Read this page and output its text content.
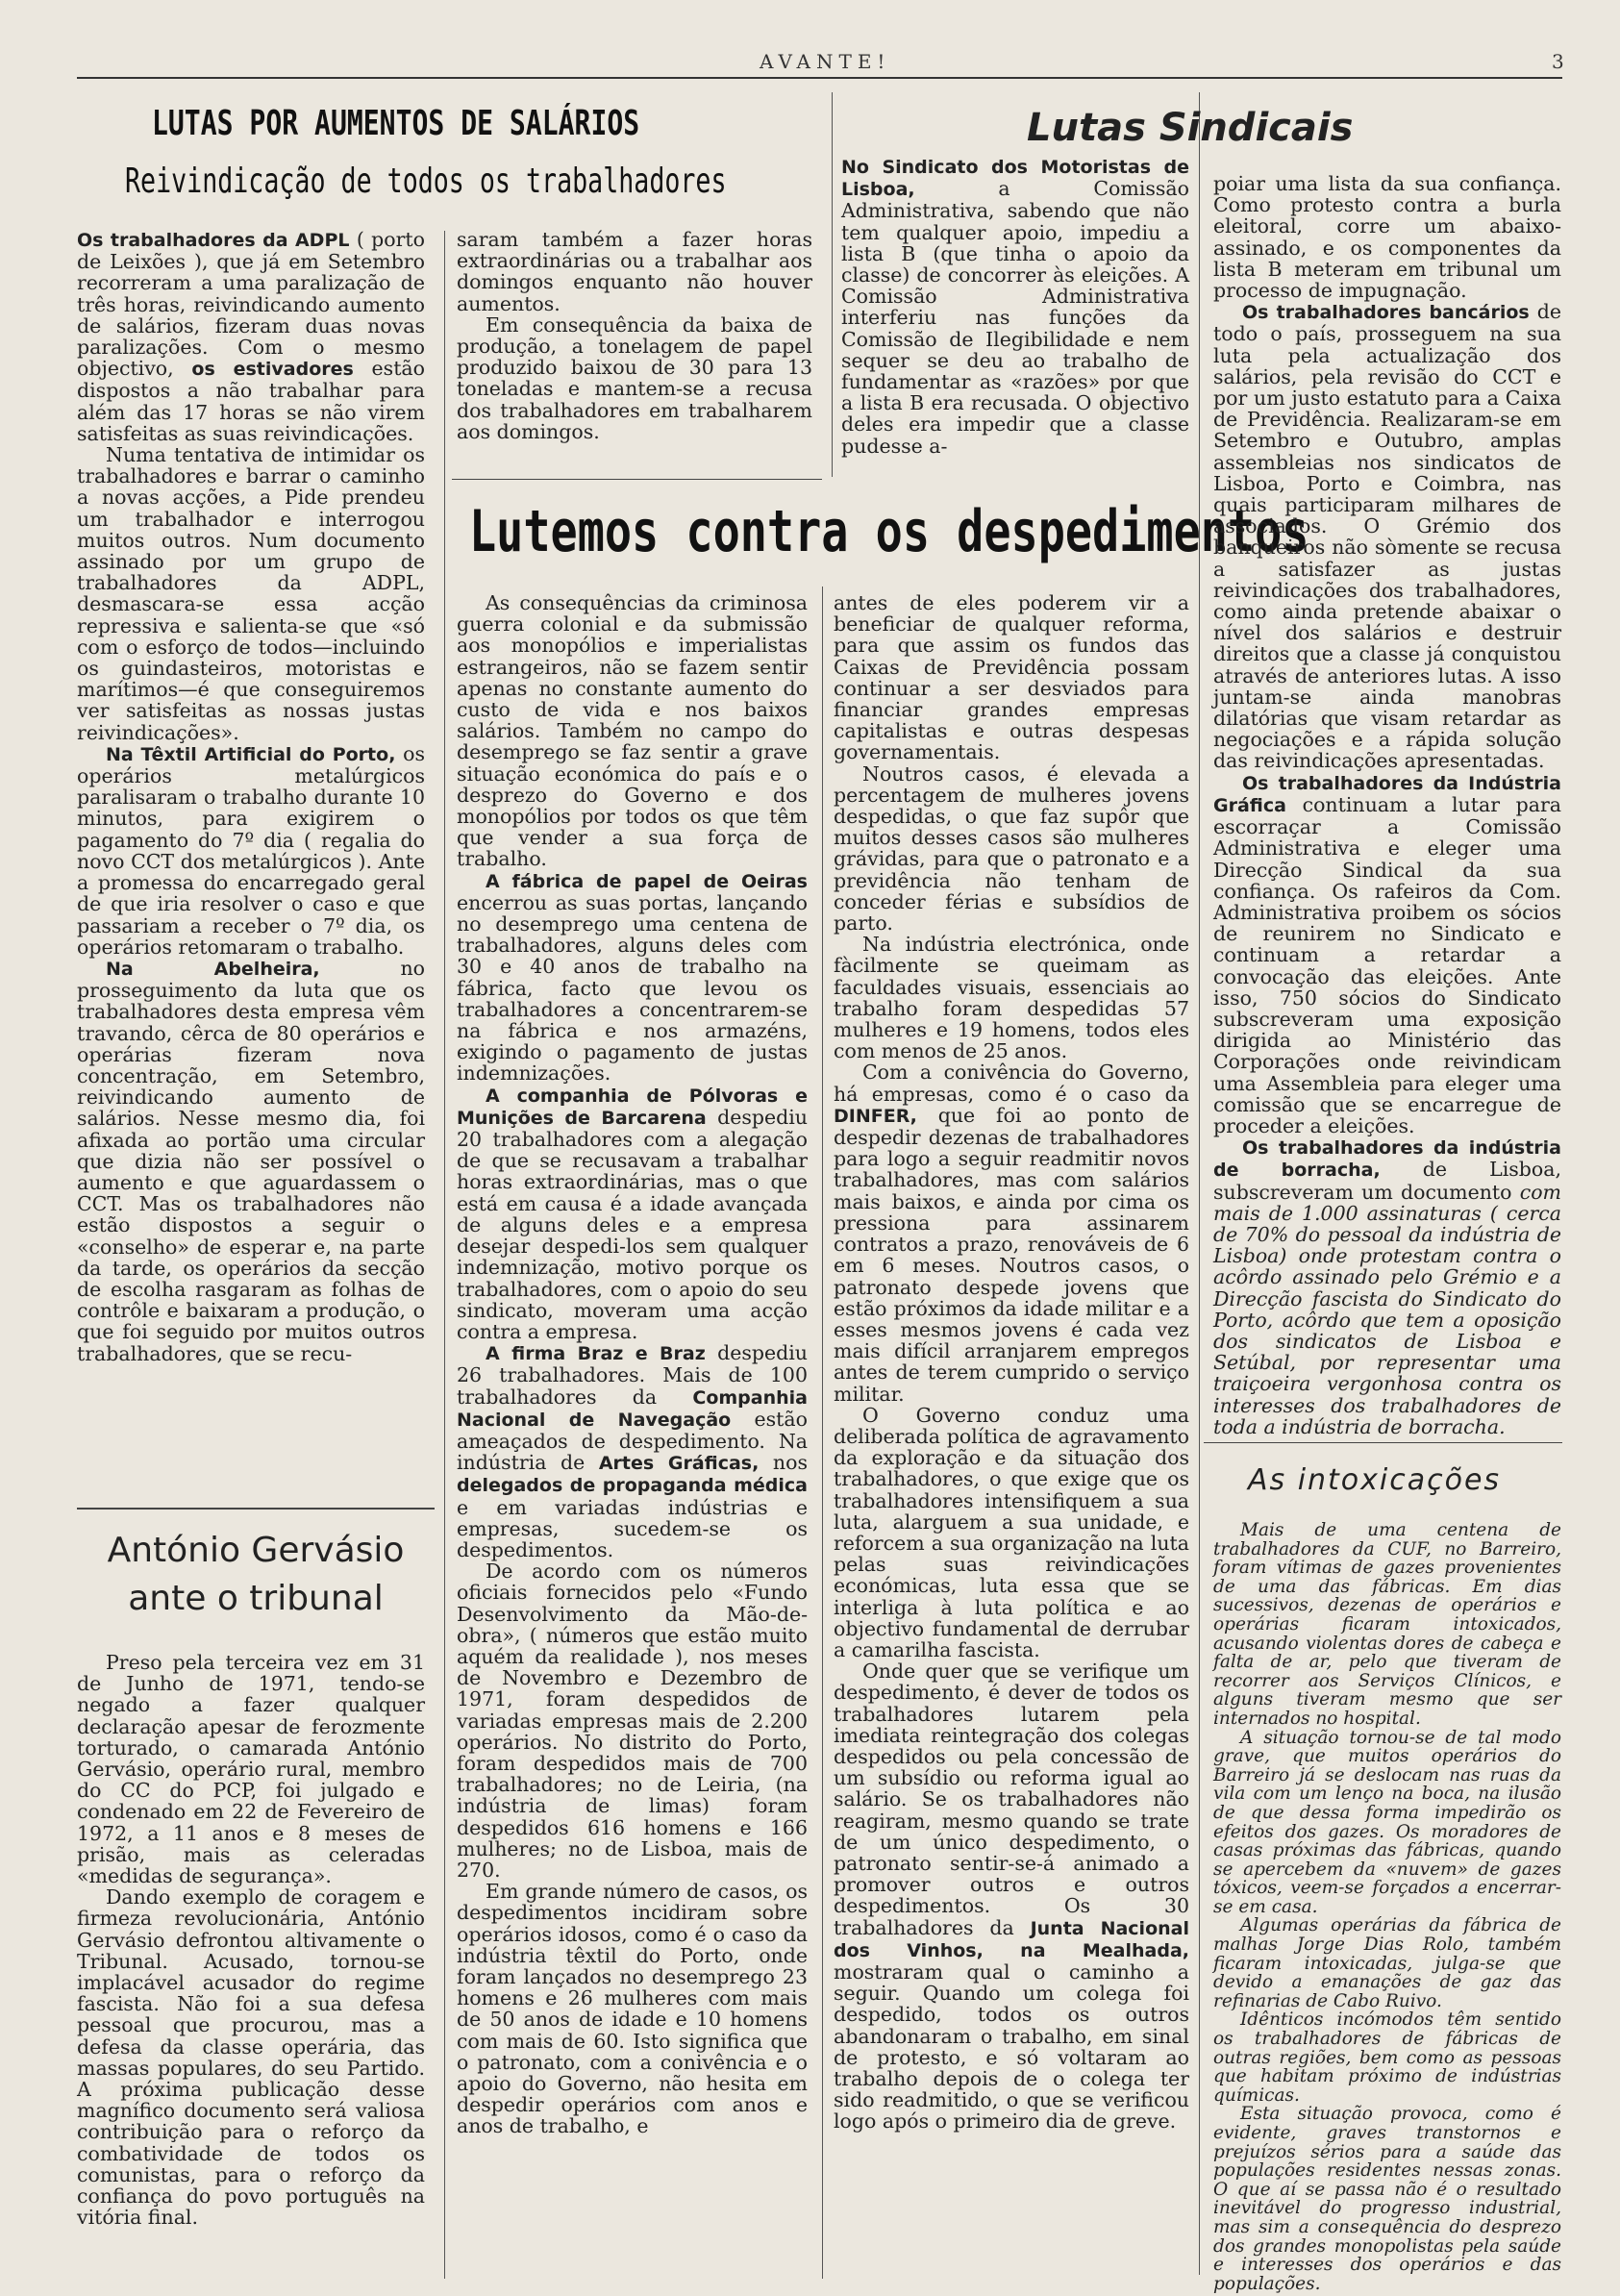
AVANTE!	3
LUTAS POR AUMENTOS DE SALÁRIOS
Reivindicação de todos os trabalhadores

Os trabalhadores da ADPL ( porto de Leixões ), que já em Setembro recorreram a uma paralização de três horas, reivindicando aumento de salários, fizeram duas novas paralizações. Com o mesmo objectivo, os estivadores estão dispostos a não trabalhar para além das 17 horas se não virem satisfeitas as suas reivindicações.

Numa tentativa de intimidar os trabalhadores e barrar o caminho a novas acções, a Pide prendeu um trabalhador e interrogou muitos outros. Num documento assinado por um grupo de trabalhadores da ADPL, desmascara-se essa acção repressiva e salienta-se que «só com o esforço de todos—incluindo os guindasteiros, motoristas e marítimos—é que conseguiremos ver satisfeitas as nossas justas reivindicações».

Na Têxtil Artificial do Porto, os operários metalúrgicos paralisaram o trabalho durante 10 minutos, para exigirem o pagamento do 7º dia ( regalia do novo CCT dos metalúrgicos ). Ante a promessa do encarregado geral de que iria resolver o caso e que passariam a receber o 7º dia, os operários retomaram o trabalho.

Na Abelheira, no prosseguimento da luta que os trabalhadores desta empresa vêm travando, cêrca de 80 operários e operárias fizeram nova concentração, em Setembro, reivindicando aumento de salários. Nesse mesmo dia, foi afixada ao portão uma circular que dizia não ser possível o aumento e que aguardassem o CCT. Mas os trabalhadores não estão dispostos a seguir o «conselho» de esperar e, na parte da tarde, os operários da secção de escolha rasgaram as folhas de contrôle e baixaram a produção, o que foi seguido por muitos outros trabalhadores, que se recu-

saram também a fazer horas extraordinárias ou a trabalhar aos domingos enquanto não houver aumentos.

Em consequência da baixa de produção, a tonelagem de papel produzido baixou de 30 para 13 toneladas e mantem-se a recusa dos trabalhadores em trabalharem aos domingos.

António Gervásio
ante o tribunal

Preso pela terceira vez em 31 de Junho de 1971, tendo-se negado a fazer qualquer declaração apesar de ferozmente torturado, o camarada António Gervásio, operário rural, membro do CC do PCP, foi julgado e condenado em 22 de Fevereiro de 1972, a 11 anos e 8 meses de prisão, mais as celeradas «medidas de segurança».

Dando exemplo de coragem e firmeza revolucionária, António Gervásio defrontou altivamente o Tribunal. Acusado, tornou-se implacável acusador do regime fascista. Não foi a sua defesa pessoal que procurou, mas a defesa da classe operária, das massas populares, do seu Partido. A próxima publicação desse magnífico documento será valiosa contribuição para o reforço da combatividade de todos os comunistas, para o reforço da confiança do povo português na vitória final.

Lutemos contra os despedimentos

As consequências da criminosa guerra colonial e da submissão aos monopólios e imperialistas estrangeiros, não se fazem sentir apenas no constante aumento do custo de vida e nos baixos salários. Também no campo do desemprego se faz sentir a grave situação económica do país e o desprezo do Governo e dos monopólios por todos os que têm que vender a sua força de trabalho.

A fábrica de papel de Oeiras encerrou as suas portas, lançando no desemprego uma centena de trabalhadores, alguns deles com 30 e 40 anos de trabalho na fábrica, facto que levou os trabalhadores a concentrarem-se na fábrica e nos armazéns, exigindo o pagamento de justas indemnizações.

A companhia de Pólvoras e Munições de Barcarena despediu 20 trabalhadores com a alegação de que se recusavam a trabalhar horas extraordinárias, mas o que está em causa é a idade avançada de alguns deles e a empresa desejar despedi-los sem qualquer indemnização, motivo porque os trabalhadores, com o apoio do seu sindicato, moveram uma acção contra a empresa.

A firma Braz e Braz despediu 26 trabalhadores. Mais de 100 trabalhadores da Companhia Nacional de Navegação estão ameaçados de despedimento. Na indústria de Artes Gráficas, nos delegados de propaganda médica e em variadas indústrias e empresas, sucedem-se os despedimentos.

De acordo com os números oficiais fornecidos pelo «Fundo Desenvolvimento da Mão-de-obra», ( números que estão muito aquém da realidade ), nos meses de Novembro e Dezembro de 1971, foram despedidos de variadas empresas mais de 2.200 operários. No distrito do Porto, foram despedidos mais de 700 trabalhadores; no de Leiria, (na indústria de limas) foram despedidos 616 homens e 166 mulheres; no de Lisboa, mais de 270.

Em grande número de casos, os despedimentos incidiram sobre operários idosos, como é o caso da indústria têxtil do Porto, onde foram lançados no desemprego 23 homens e 26 mulheres com mais de 50 anos de idade e 10 homens com mais de 60. Isto significa que o patronato, com a conivência e o apoio do Governo, não hesita em despedir operários com anos e anos de trabalho, e

antes de eles poderem vir a beneficiar de qualquer reforma, para que assim os fundos das Caixas de Previdência possam continuar a ser desviados para financiar grandes empresas capitalistas e outras despesas governamentais.

Noutros casos, é elevada a percentagem de mulheres jovens despedidas, o que faz supôr que muitos desses casos são mulheres grávidas, para que o patronato e a previdência não tenham de conceder férias e subsídios de parto.

Na indústria electrónica, onde fàcilmente se queimam as faculdades visuais, essenciais ao trabalho foram despedidas 57 mulheres e 19 homens, todos eles com menos de 25 anos.

Com a conivência do Governo, há empresas, como é o caso da DINFER, que foi ao ponto de despedir dezenas de trabalhadores para logo a seguir readmitir novos trabalhadores, mas com salários mais baixos, e ainda por cima os pressiona para assinarem contratos a prazo, renováveis de 6 em 6 meses. Noutros casos, o patronato despede jovens que estão próximos da idade militar e a esses mesmos jovens é cada vez mais difícil arranjarem empregos antes de terem cumprido o serviço militar.

O Governo conduz uma deliberada política de agravamento da exploração e da situação dos trabalhadores, o que exige que os trabalhadores intensifiquem a sua luta, alarguem a sua unidade, e reforcem a sua organização na luta pelas suas reivindicações económicas, luta essa que se interliga à luta política e ao objectivo fundamental de derrubar a camarilha fascista.

Onde quer que se verifique um despedimento, é dever de todos os trabalhadores lutarem pela imediata reintegração dos colegas despedidos ou pela concessão de um subsídio ou reforma igual ao salário. Se os trabalhadores não reagiram, mesmo quando se trate de um único despedimento, o patronato sentir-se-á animado a promover outros e outros despedimentos. Os 30 trabalhadores da Junta Nacional dos Vinhos, na Mealhada, mostraram qual o caminho a seguir. Quando um colega foi despedido, todos os outros abandonaram o trabalho, em sinal de protesto, e só voltaram ao trabalho depois de o colega ter sido readmitido, o que se verificou logo após o primeiro dia de greve.

Lutas Sindicais

No Sindicato dos Motoristas de Lisboa, a Comissão Administrativa, sabendo que não tem qualquer apoio, impediu a lista B (que tinha o apoio da classe) de concorrer às eleições. A Comissão Administrativa interferiu nas funções da Comissão de Ilegibilidade e nem sequer se deu ao trabalho de fundamentar as «razões» por que a lista B era recusada. O objectivo deles era impedir que a classe pudesse a-

poiar uma lista da sua confiança. Como protesto contra a burla eleitoral, corre um abaixo-assinado, e os componentes da lista B meteram em tribunal um processo de impugnação.

Os trabalhadores bancários de todo o país, prosseguem na sua luta pela actualização dos salários, pela revisão do CCT e por um justo estatuto para a Caixa de Previdência. Realizaram-se em Setembro e Outubro, amplas assembleias nos sindicatos de Lisboa, Porto e Coimbra, nas quais participaram milhares de associados. O Grémio dos banqueiros não sòmente se recusa a satisfazer as justas reivindicações dos trabalhadores, como ainda pretende abaixar o nível dos salários e destruir direitos que a classe já conquistou através de anteriores lutas. A isso juntam-se ainda manobras dilatórias que visam retardar as negociações e a rápida solução das reivindicações apresentadas.

Os trabalhadores da Indústria Gráfica continuam a lutar para escorraçar a Comissão Administrativa e eleger uma Direcção Sindical da sua confiança. Os rafeiros da Com. Administrativa proibem os sócios de reunirem no Sindicato e continuam a retardar a convocação das eleições. Ante isso, 750 sócios do Sindicato subscreveram uma exposição dirigida ao Ministério das Corporações onde reivindicam uma Assembleia para eleger uma comissão que se encarregue de proceder a eleições.

Os trabalhadores da indústria de borracha, de Lisboa, subscreveram um documento com mais de 1.000 assinaturas ( cerca de 70% do pessoal da indústria de Lisboa) onde protestam contra o acôrdo assinado pelo Grémio e a Direcção fascista do Sindicato do Porto, acôrdo que tem a oposição dos sindicatos de Lisboa e Setúbal, por representar uma traiçoeira vergonhosa contra os interesses dos trabalhadores de toda a indústria de borracha.

As intoxicações

Mais de uma centena de trabalhadores da CUF, no Barreiro, foram vítimas de gazes provenientes de uma das fábricas. Em dias sucessivos, dezenas de operários e operárias ficaram intoxicados, acusando violentas dores de cabeça e falta de ar, pelo que tiveram de recorrer aos Serviços Clínicos, e alguns tiveram mesmo que ser internados no hospital.

A situação tornou-se de tal modo grave, que muitos operários do Barreiro já se deslocam nas ruas da vila com um lenço na boca, na ilusão de que dessa forma impedirão os efeitos dos gazes. Os moradores de casas próximas das fábricas, quando se apercebem da «nuvem» de gazes tóxicos, veem-se forçados a encerrar-se em casa.

Algumas operárias da fábrica de malhas Jorge Dias Rolo, também ficaram intoxicadas, julga-se que devido a emanações de gaz das refinarias de Cabo Ruivo.

Idênticos incómodos têm sentido os trabalhadores de fábricas de outras regiões, bem como as pessoas que habitam próximo de indústrias químicas.

Esta situação provoca, como é evidente, graves transtornos e prejuízos sérios para a saúde das populações residentes nessas zonas. O que aí se passa não é o resultado inevitável do progresso industrial, mas sim a consequência do desprezo dos grandes monopolistas pela saúde e interesses dos operários e das populações.
